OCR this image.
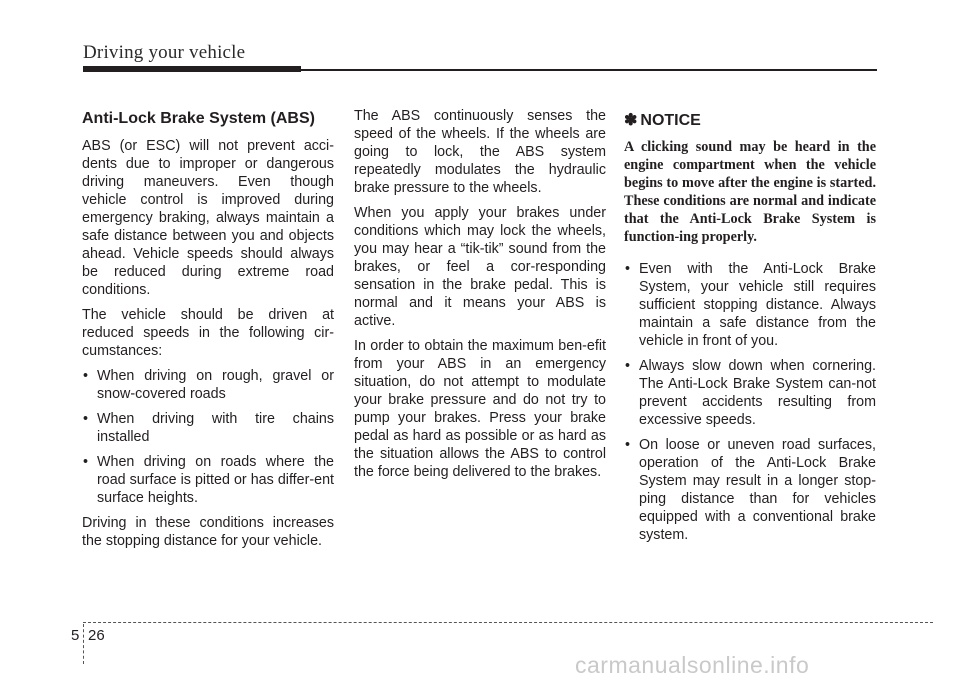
Driving your vehicle
Anti-Lock Brake System (ABS)

ABS (or ESC) will not prevent acci-dents due to improper or dangerous driving maneuvers. Even though vehicle control is improved during emergency braking, always maintain a safe distance between you and objects ahead. Vehicle speeds should always be reduced during extreme road conditions.

The vehicle should be driven at reduced speeds in the following cir-cumstances:

• When driving on rough, gravel or snow-covered roads
• When driving with tire chains installed
• When driving on roads where the road surface is pitted or has differ-ent surface heights.

Driving in these conditions increases the stopping distance for your vehicle.

The ABS continuously senses the speed of the wheels. If the wheels are going to lock, the ABS system repeatedly modulates the hydraulic brake pressure to the wheels.

When you apply your brakes under conditions which may lock the wheels, you may hear a “tik-tik” sound from the brakes, or feel a cor-responding sensation in the brake pedal. This is normal and it means your ABS is active.

In order to obtain the maximum ben-efit from your ABS in an emergency situation, do not attempt to modulate your brake pressure and do not try to pump your brakes. Press your brake pedal as hard as possible or as hard as the situation allows the ABS to control the force being delivered to the brakes.

✽ NOTICE

A clicking sound may be heard in the engine compartment when the vehicle begins to move after the engine is started. These conditions are normal and indicate that the Anti-Lock Brake System is function-ing properly.

• Even with the Anti-Lock Brake System, your vehicle still requires sufficient stopping distance. Always maintain a safe distance from the vehicle in front of you.
• Always slow down when cornering. The Anti-Lock Brake System can-not prevent accidents resulting from excessive speeds.
• On loose or uneven road surfaces, operation of the Anti-Lock Brake System may result in a longer stop-ping distance than for vehicles equipped with a conventional brake system.
5 26
carmanualsonline.info
